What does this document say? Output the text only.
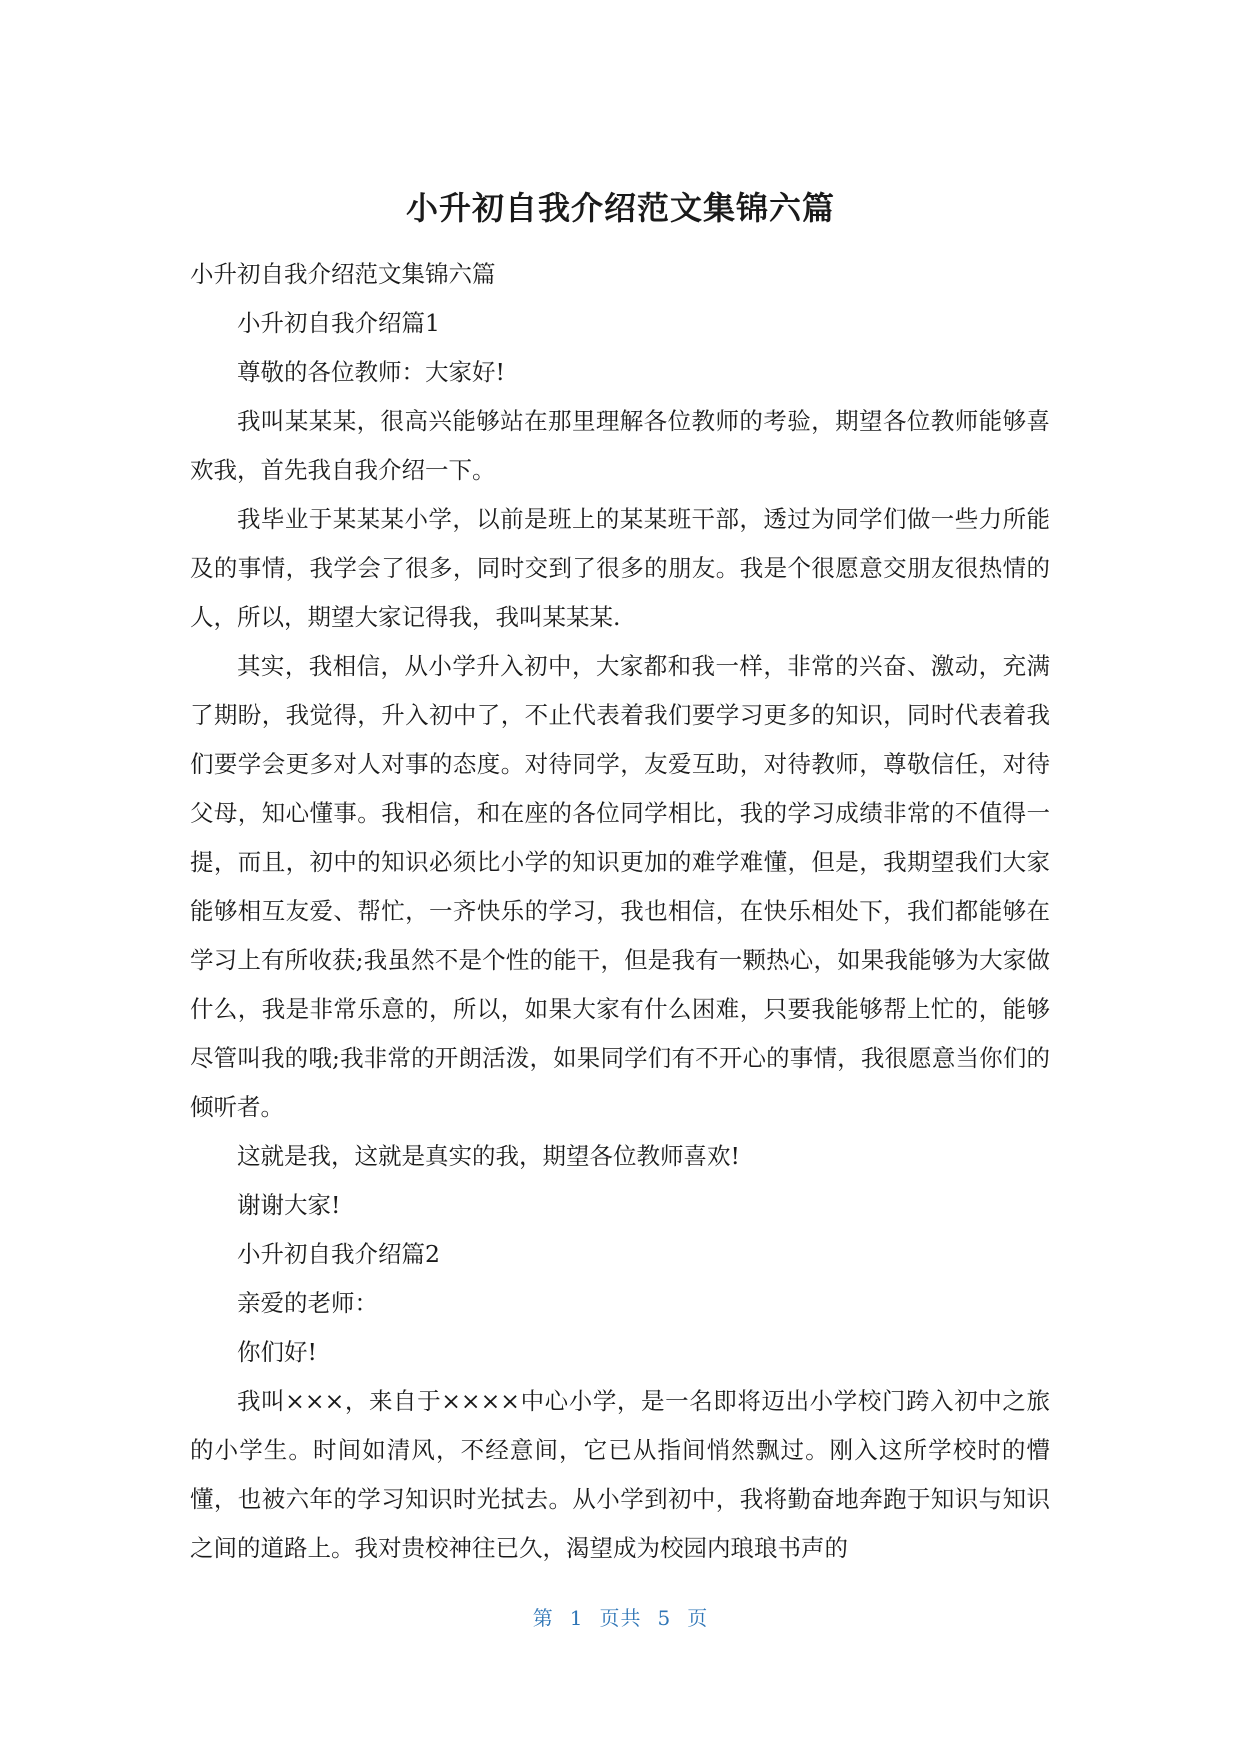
小升初自我介绍范文集锦六篇

小升初自我介绍范文集锦六篇

小升初自我介绍篇1

尊敬的各位教师：大家好!

我叫某某某，很高兴能够站在那里理解各位教师的考验，期望各位教师能够喜欢我，首先我自我介绍一下。

我毕业于某某某小学，以前是班上的某某班干部，透过为同学们做一些力所能及的事情，我学会了很多，同时交到了很多的朋友。我是个很愿意交朋友很热情的人，所以，期望大家记得我，我叫某某某.

其实，我相信，从小学升入初中，大家都和我一样，非常的兴奋、激动，充满了期盼，我觉得，升入初中了，不止代表着我们要学习更多的知识，同时代表着我们要学会更多对人对事的态度。对待同学，友爱互助，对待教师，尊敬信任，对待父母，知心懂事。我相信，和在座的各位同学相比，我的学习成绩非常的不值得一提，而且，初中的知识必须比小学的知识更加的难学难懂，但是，我期望我们大家能够相互友爱、帮忙，一齐快乐的学习，我也相信，在快乐相处下，我们都能够在学习上有所收获;我虽然不是个性的能干，但是我有一颗热心，如果我能够为大家做什么，我是非常乐意的，所以，如果大家有什么困难，只要我能够帮上忙的，能够尽管叫我的哦;我非常的开朗活泼，如果同学们有不开心的事情，我很愿意当你们的倾听者。

这就是我，这就是真实的我，期望各位教师喜欢!

谢谢大家!

小升初自我介绍篇2

亲爱的老师：

你们好!

我叫×××，来自于××××中心小学，是一名即将迈出小学校门跨入初中之旅的小学生。时间如清风，不经意间，它已从指间悄然飘过。刚入这所学校时的懵懂，也被六年的学习知识时光拭去。从小学到初中，我将勤奋地奔跑于知识与知识之间的道路上。我对贵校神往已久，渴望成为校园内琅琅书声的

第 1 页共 5 页
